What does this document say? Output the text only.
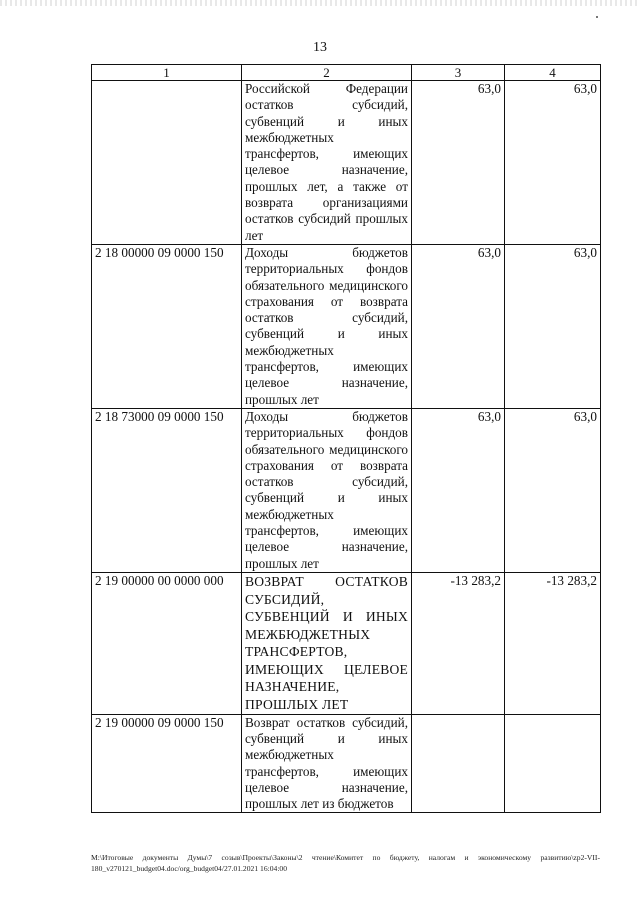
13
1	2	3	4
	Российской Федерации остатков субсидий, субвенций и иных межбюджетных трансфертов, имеющих целевое назначение, прошлых лет, а также от возврата организациями остатков субсидий прошлых лет	63,0	63,0
2 18 00000 09 0000 150	Доходы бюджетов территориальных фондов обязательного медицинского страхования от возврата остатков субсидий, субвенций и иных межбюджетных трансфертов, имеющих целевое назначение, прошлых лет	63,0	63,0
2 18 73000 09 0000 150	Доходы бюджетов территориальных фондов обязательного медицинского страхования от возврата остатков субсидий, субвенций и иных межбюджетных трансфертов, имеющих целевое назначение, прошлых лет	63,0	63,0
2 19 00000 00 0000 000	ВОЗВРАТ ОСТАТКОВ СУБСИДИЙ, СУБВЕНЦИЙ И ИНЫХ МЕЖБЮДЖЕТНЫХ ТРАНСФЕРТОВ, ИМЕЮЩИХ ЦЕЛЕВОЕ НАЗНАЧЕНИЕ, ПРОШЛЫХ ЛЕТ	-13 283,2	-13 283,2
2 19 00000 09 0000 150	Возврат остатков субсидий, субвенций и иных межбюджетных трансфертов, имеющих целевое назначение, прошлых лет из бюджетов		
M:\Итоговые документы Думы\7 созыв\Проекты\Законы\2 чтение\Комитет по бюджету, налогам и экономическому развитию\zp2-VII-180_v270121_budget04.doc/org_budget04/27.01.2021 16:04:00
